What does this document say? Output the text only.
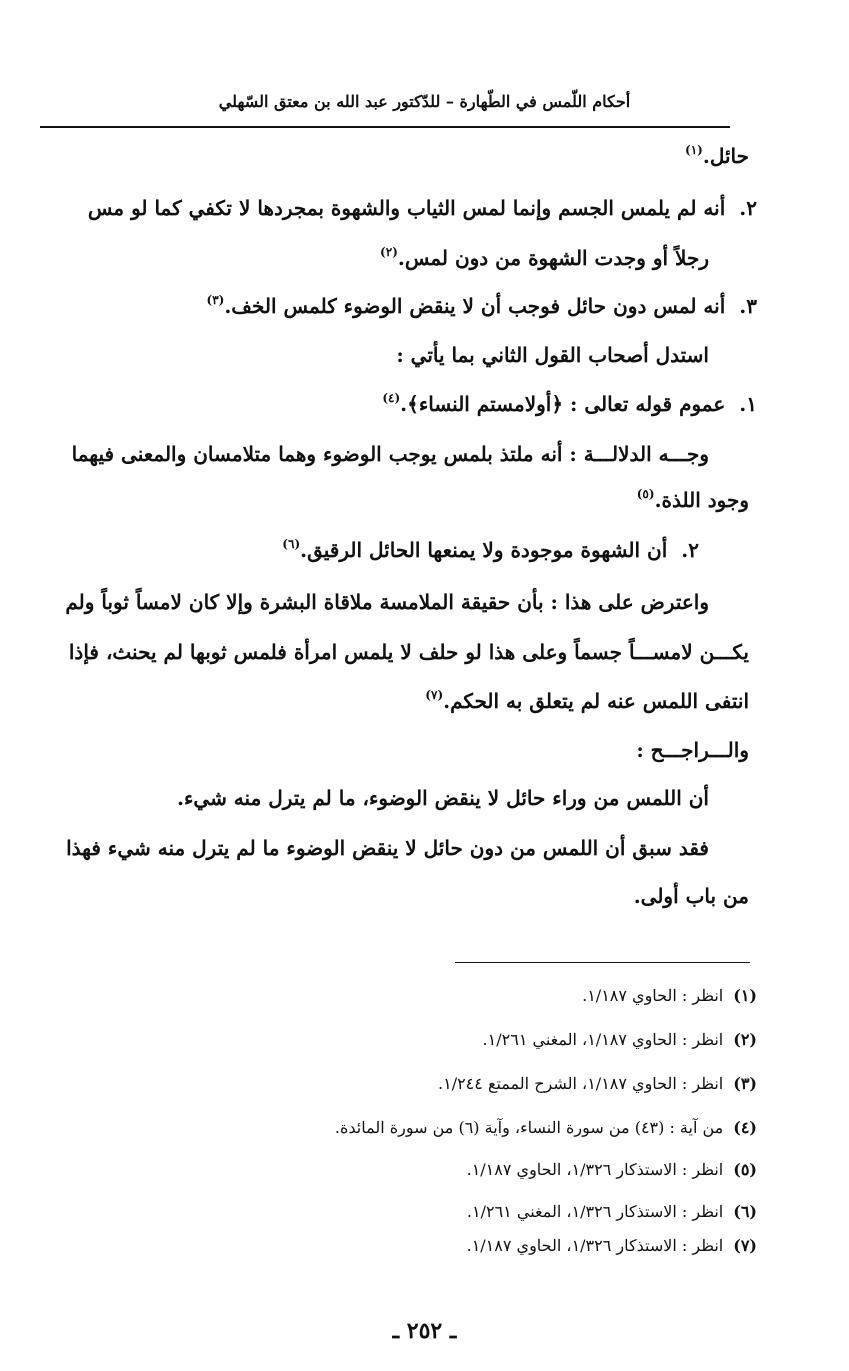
أحكام اللّمس في الطّهارة – للدّكتور عبد الله بن معتق السّهلي
حائل.$^{(١)}$
٢.أنه لم يلمس الجسم وإنما لمس الثياب والشهوة بمجردها لا تكفي كما لو مس
رجلاً أو وجدت الشهوة من دون لمس.$^{(٢)}$
٣.أنه لمس دون حائل فوجب أن لا ينقض الوضوء كلمس الخف.$^{(٣)}$
استدل أصحاب القول الثاني بما يأتي :
١.عموم قوله تعالى : ﴿أولامستم النساء﴾.$^{(٤)}$
وجـــه الدلالـــة : أنه ملتذ بلمس يوجب الوضوء وهما متلامسان والمعنى فيهما
وجود اللذة.$^{(٥)}$
٢.أن الشهوة موجودة ولا يمنعها الحائل الرقيق.$^{(٦)}$
واعترض على هذا : بأن حقيقة الملامسة ملاقاة البشرة وإلا كان لامساً ثوباً ولم
يكـــن لامســـاً جسماً وعلى هذا لو حلف لا يلمس امرأة فلمس ثوبها لم يحنث، فإذا
انتفى اللمس عنه لم يتعلق به الحكم.$^{(٧)}$
والـــراجـــح :
أن اللمس من وراء حائل لا ينقض الوضوء، ما لم يترل منه شيء.
فقد سبق أن اللمس من دون حائل لا ينقض الوضوء ما لم يترل منه شيء فهذا
من باب أولى.
(١)انظر : الحاوي ١/١٨٧.
(٢)انظر : الحاوي ١/١٨٧، المغني ١/٢٦١.
(٣)انظر : الحاوي ١/١٨٧، الشرح الممتع ١/٢٤٤.
(٤)من آية : (٤٣) من سورة النساء، وآية (٦) من سورة المائدة.
(٥)انظر : الاستذكار ١/٣٢٦، الحاوي ١/١٨٧.
(٦)انظر : الاستذكار ١/٣٢٦، المغني ١/٢٦١.
(٧)انظر : الاستذكار ١/٣٢٦، الحاوي ١/١٨٧.
ـ ٢٥٢ ـ
